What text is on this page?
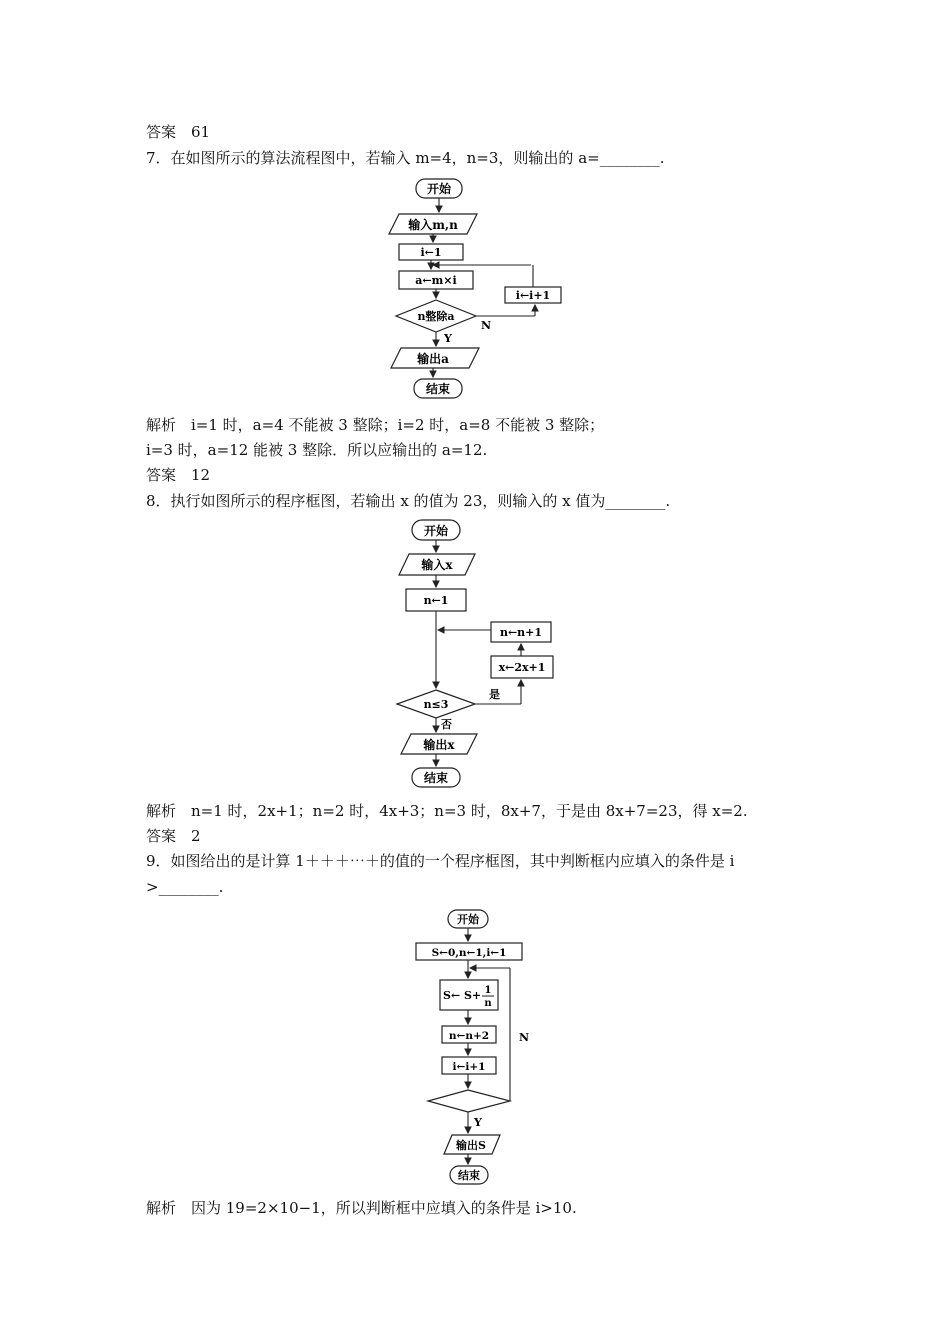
答案　61
7．在如图所示的算法流程图中，若输入 m=4，n=3，则输出的 a=________.
开始
输入m,n
i←1
a←m×i
n整除a
N
i←i+1
Y
输出a
结束
解析　i=1 时，a=4 不能被 3 整除；i=2 时，a=8 不能被 3 整除；
i=3 时，a=12 能被 3 整除．所以应输出的 a=12.
答案　12
8．执行如图所示的程序框图，若输出 x 的值为 23，则输入的 x 值为________.
开始
输入x
n←1
n←n+1
x←2x+1
n≤3
是
否
输出x
结束
解析　n=1 时，2x+1；n=2 时，4x+3；n=3 时，8x+7，于是由 8x+7=23，得 x=2.
答案　2
9．如图给出的是计算 1＋＋＋⋯＋的值的一个程序框图，其中判断框内应填入的条件是 i
>________.
开始
S←0,n←1,i←1
S← S+ 1
n
n←n+2
i←i+1
N
Y
输出S
结束
解析　因为 19=2×10−1，所以判断框中应填入的条件是 i>10.
